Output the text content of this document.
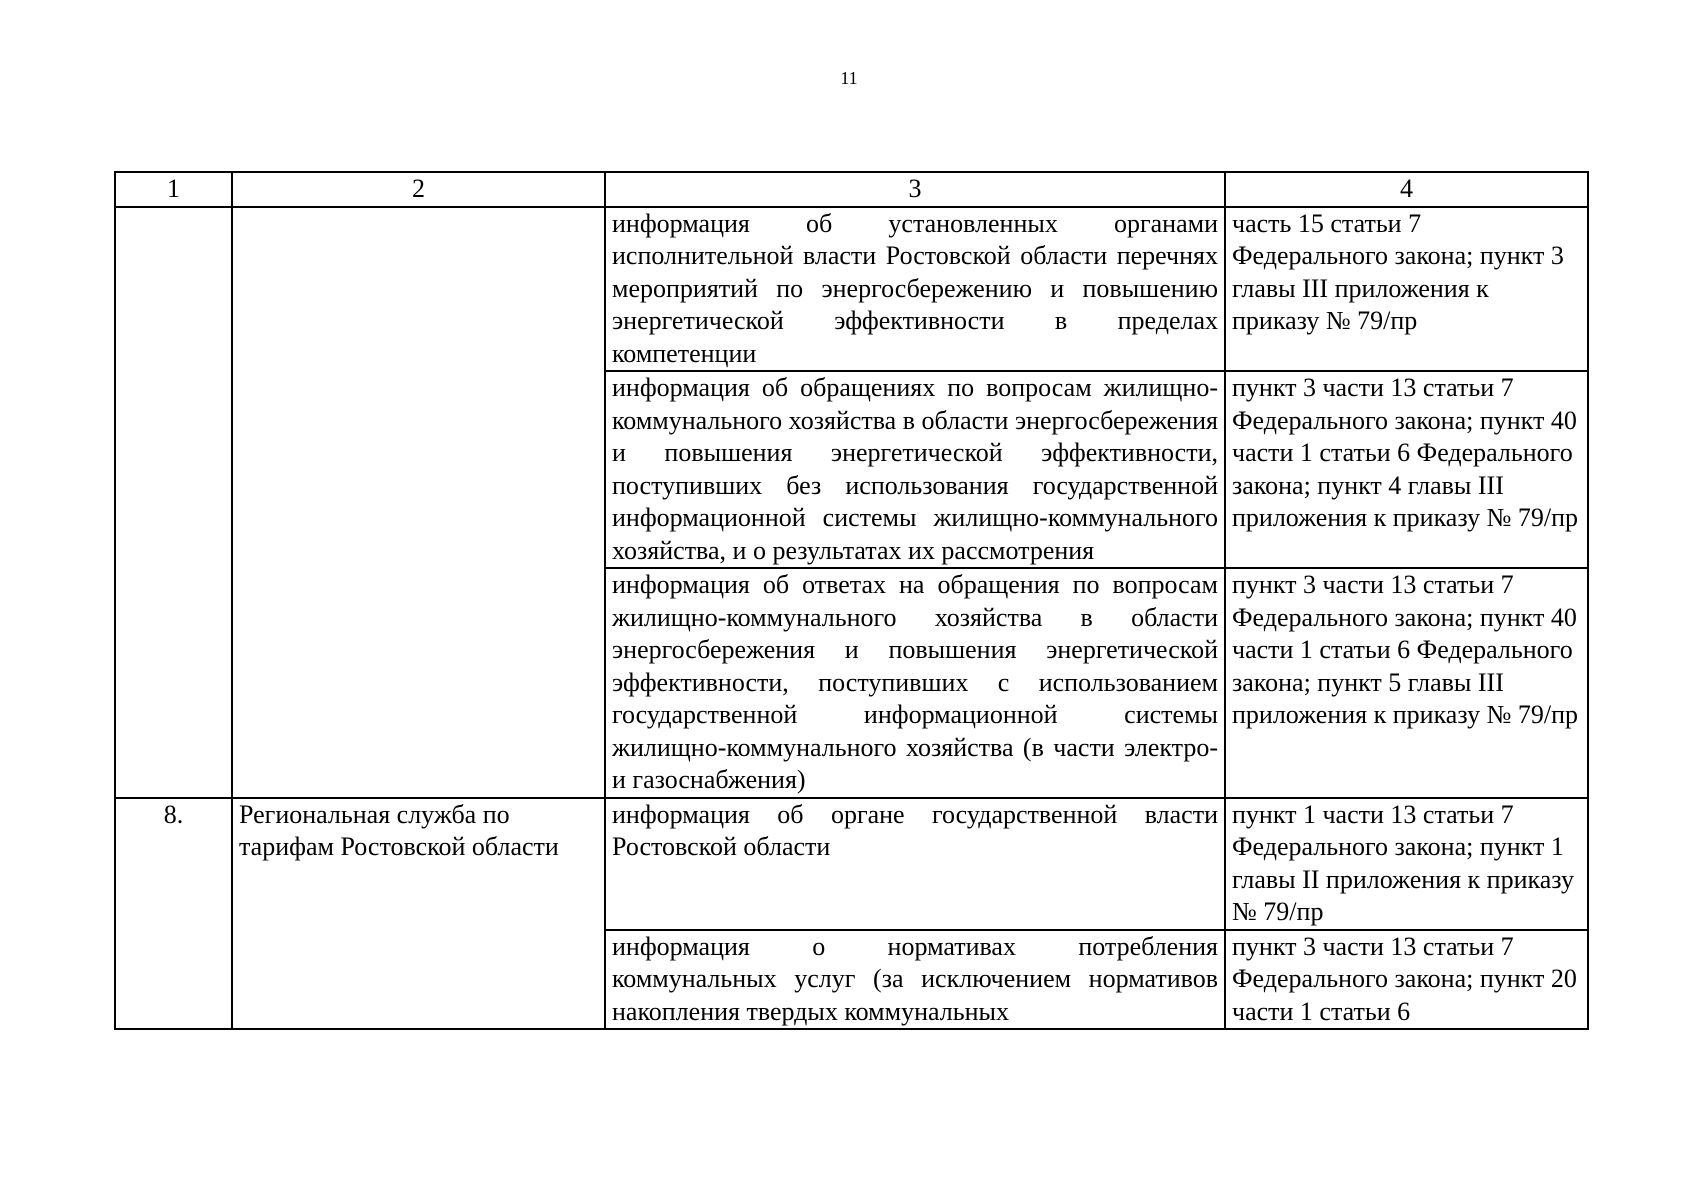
11
1	2	3	4
		информация об установленных органами исполнительной власти Ростовской области перечнях мероприятий по энергосбережению и повышению энергетической эффективности в пределах компетенции	часть 15 статьи 7 Федерального закона; пункт 3 главы III приложения к приказу № 79/пр
		информация об обращениях по вопросам жилищно-коммунального хозяйства в области энергосбережения и повышения энергетической эффективности, поступивших без использования государственной информационной системы жилищно-коммунального хозяйства, и о результатах их рассмотрения	пункт 3 части 13 статьи 7 Федерального закона; пункт 40 части 1 статьи 6 Федерального закона; пункт 4 главы III приложения к приказу № 79/пр
		информация об ответах на обращения по вопросам жилищно-коммунального хозяйства в области энергосбережения и повышения энергетической эффективности, поступивших с использованием государственной информационной системы жилищно-коммунального хозяйства (в части электро- и газоснабжения)	пункт 3 части 13 статьи 7 Федерального закона; пункт 40 части 1 статьи 6 Федерального закона; пункт 5 главы III приложения к приказу № 79/пр
8.	Региональная служба по тарифам Ростовской области	информация об органе государственной власти Ростовской области	пункт 1 части 13 статьи 7 Федерального закона; пункт 1 главы II приложения к приказу № 79/пр

		информация о нормативах потребления коммунальных услуг (за исключением нормативов накопления твердых коммунальных	пункт 3 части 13 статьи 7 Федерального закона; пункт 20 части 1 статьи 6
